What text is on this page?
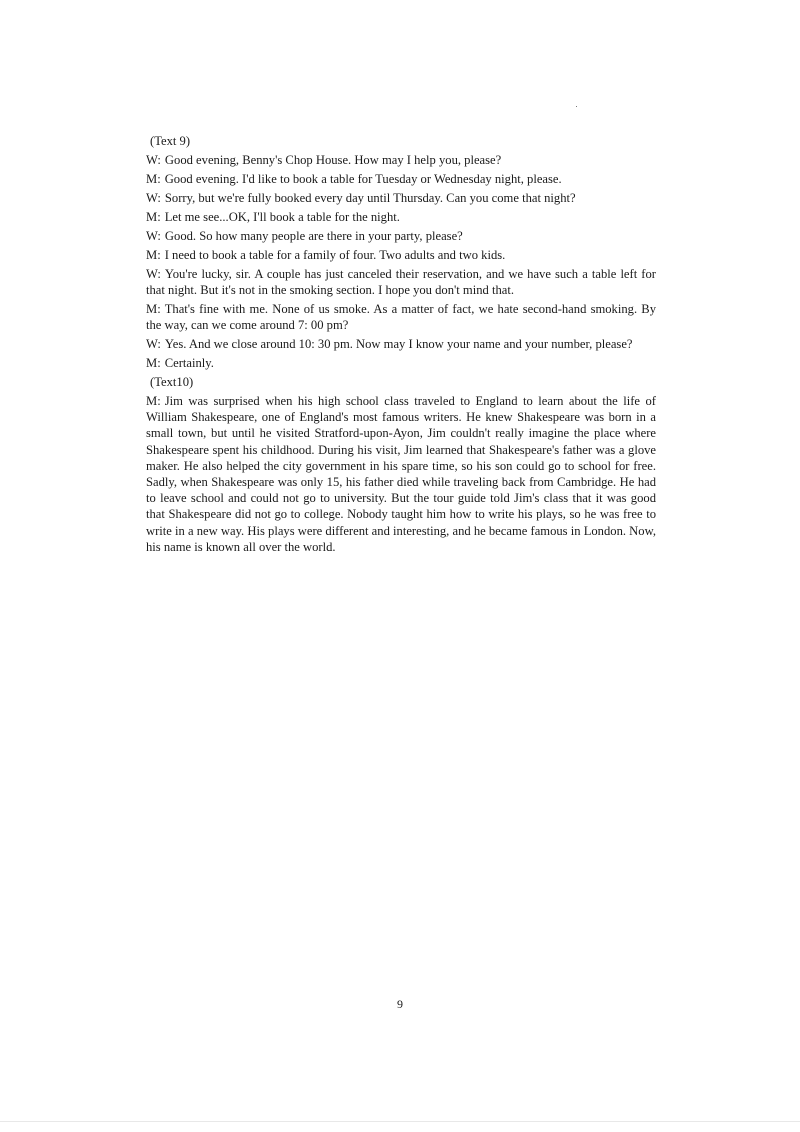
(Text 9)
W: Good evening, Benny's Chop House. How may I help you, please?
M: Good evening. I'd like to book a table for Tuesday or Wednesday night, please.
W: Sorry, but we're fully booked every day until Thursday. Can you come that night?
M: Let me see...OK, I'll book a table for the night.
W: Good. So how many people are there in your party, please?
M: I need to book a table for a family of four. Two adults and two kids.
W: You're lucky, sir. A couple has just canceled their reservation, and we have such a table left for that night. But it's not in the smoking section. I hope you don't mind that.
M: That's fine with me. None of us smoke. As a matter of fact, we hate second-hand smoking. By the way, can we come around 7: 00 pm?
W: Yes. And we close around 10: 30 pm. Now may I know your name and your number, please?
M: Certainly.
(Text10)
M: Jim was surprised when his high school class traveled to England to learn about the life of William Shakespeare, one of England's most famous writers. He knew Shakespeare was born in a small town, but until he visited Stratford-upon-Ayon, Jim couldn't really imagine the place where Shakespeare spent his childhood. During his visit, Jim learned that Shakespeare's father was a glove maker. He also helped the city government in his spare time, so his son could go to school for free. Sadly, when Shakespeare was only 15, his father died while traveling back from Cambridge. He had to leave school and could not go to university. But the tour guide told Jim's class that it was good that Shakespeare did not go to college. Nobody taught him how to write his plays, so he was free to write in a new way. His plays were different and interesting, and he became famous in London. Now, his name is known all over the world.
9
